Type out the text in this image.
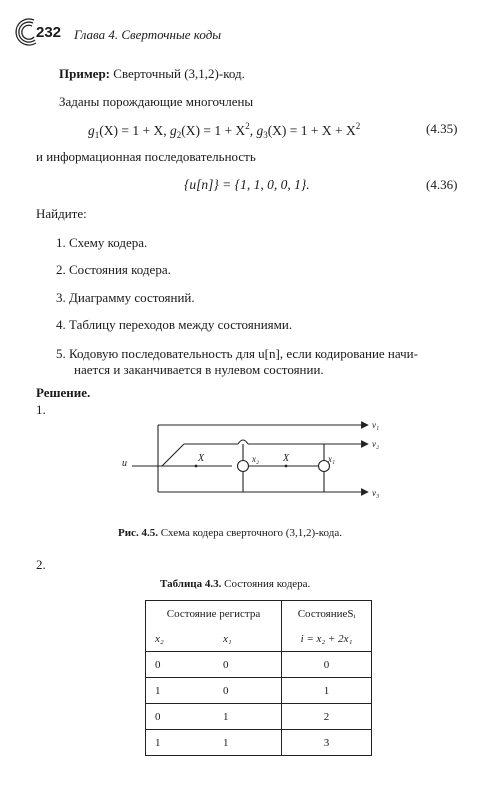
232 Глава 4. Сверточные коды
Пример: Сверточный (3,1,2)-код.
Заданы порождающие многочлены
$g_1(X) = 1 + X$, $g_2(X) = 1 + X^2$, $g_3(X) = 1 + X + X^2$	(4.35)
и информационная последовательность
{u[n]} = {1, 1, 0, 0, 1}.	(4.36)
Найдите:
1. Схему кодера.
2. Состояния кодера.
3. Диаграмму состояний.
4. Таблицу переходов между состояниями.
5. Кодовую последовательность для u[n], если кодирование начи-
нается и заканчивается в нулевом состоянии.
Решение.
1.
u	X	X
x₂	x₁
v₁
v₂
v₃
Рис. 4.5. Схема кодера сверточного (3,1,2)-кода.
2.
Таблица 4.3. Состояния кодера.
Состояние регистра		СостояниеSᵢ
x₂	x₁	i = x₂ + 2x₁
0	0	0
1	0	1
0	1	2
1	1	3
